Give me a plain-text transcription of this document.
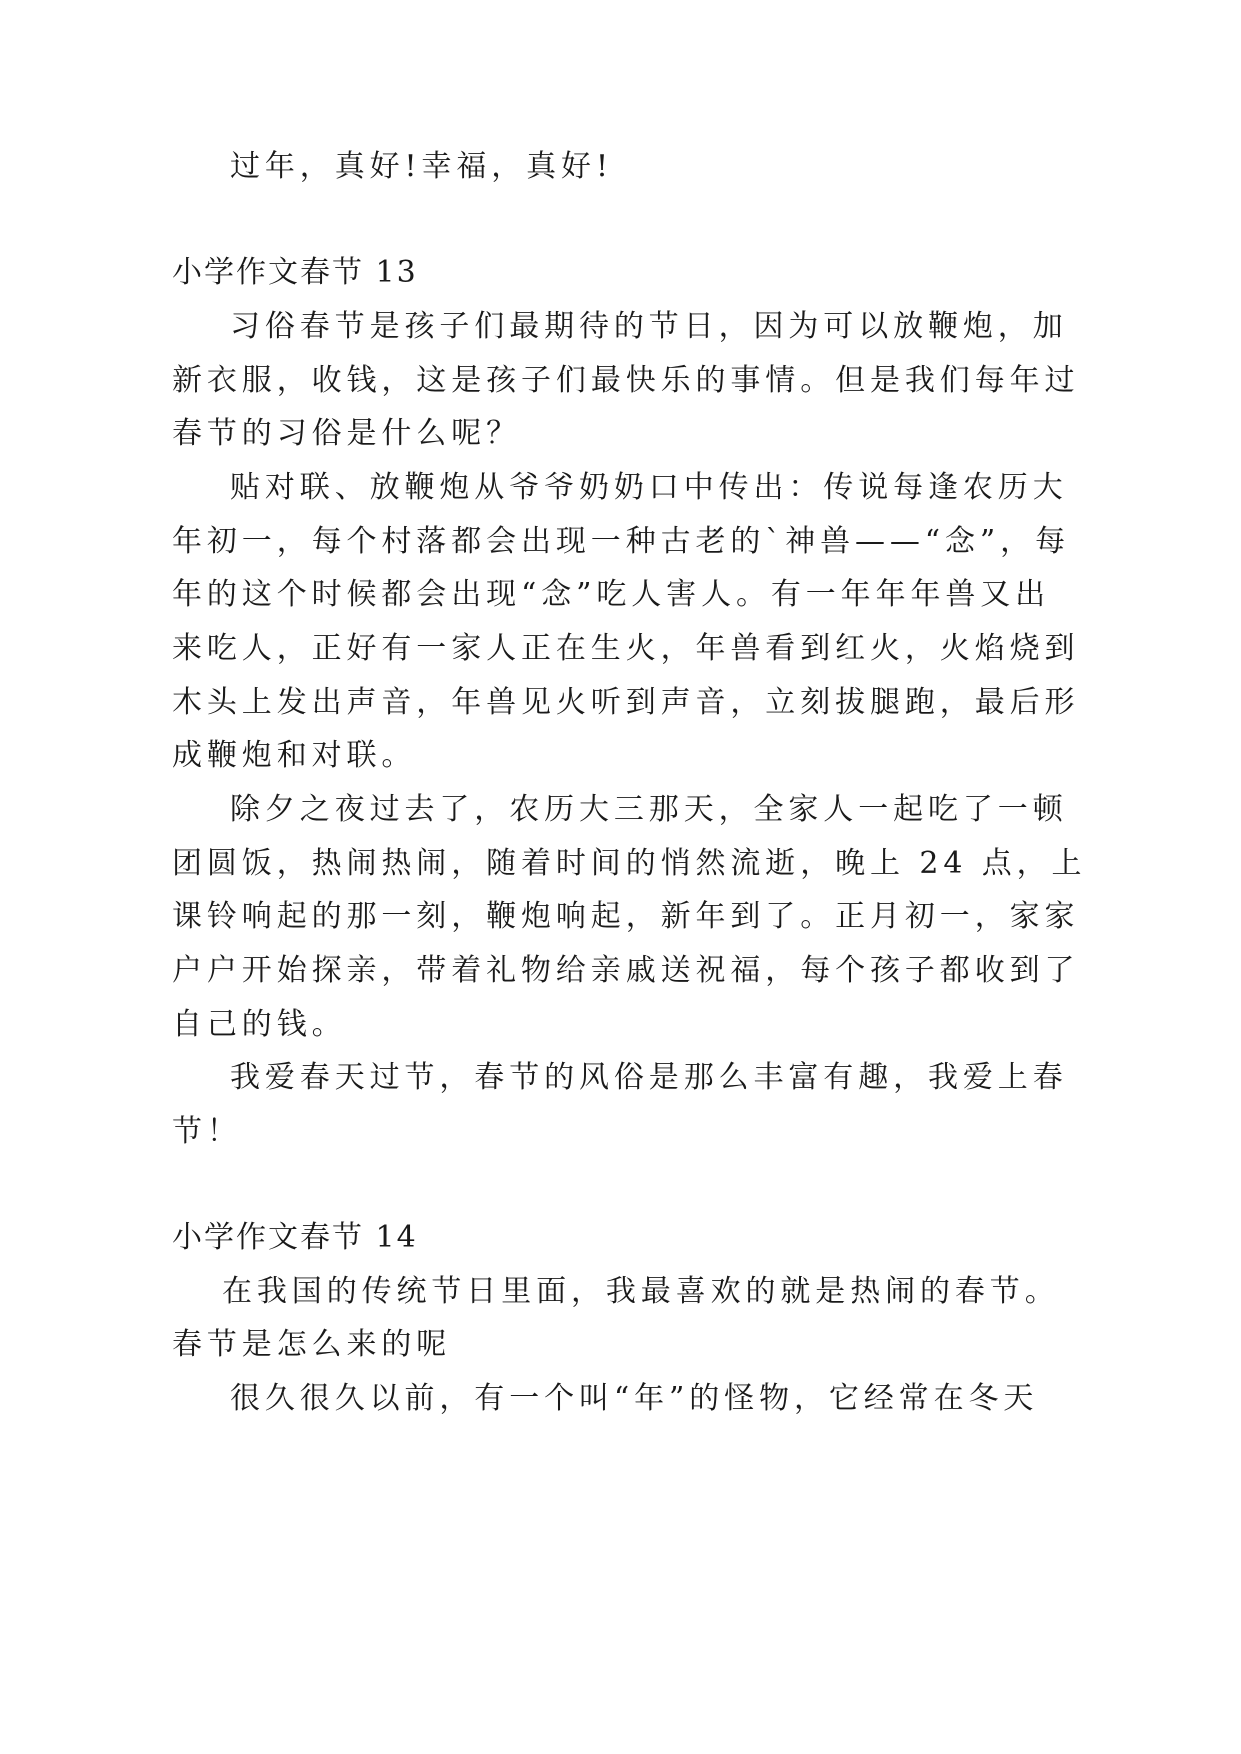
过年，真好!幸福，真好!
小学作文春节 13
习俗春节是孩子们最期待的节日，因为可以放鞭炮，加
新衣服，收钱，这是孩子们最快乐的事情。但是我们每年过
春节的习俗是什么呢？
贴对联、放鞭炮从爷爷奶奶口中传出：传说每逢农历大
年初一，每个村落都会出现一种古老的`神兽——“念”，每
年的这个时候都会出现“念”吃人害人。有一年年年兽又出
来吃人，正好有一家人正在生火，年兽看到红火，火焰烧到
木头上发出声音，年兽见火听到声音，立刻拔腿跑，最后形
成鞭炮和对联。
除夕之夜过去了，农历大三那天，全家人一起吃了一顿
团圆饭，热闹热闹，随着时间的悄然流逝，晚上 24 点，上
课铃响起的那一刻，鞭炮响起，新年到了。正月初一，家家
户户开始探亲，带着礼物给亲戚送祝福，每个孩子都收到了
自己的钱。
我爱春天过节，春节的风俗是那么丰富有趣，我爱上春
节！
小学作文春节 14
在我国的传统节日里面，我最喜欢的就是热闹的春节。
春节是怎么来的呢
很久很久以前，有一个叫“年”的怪物，它经常在冬天
